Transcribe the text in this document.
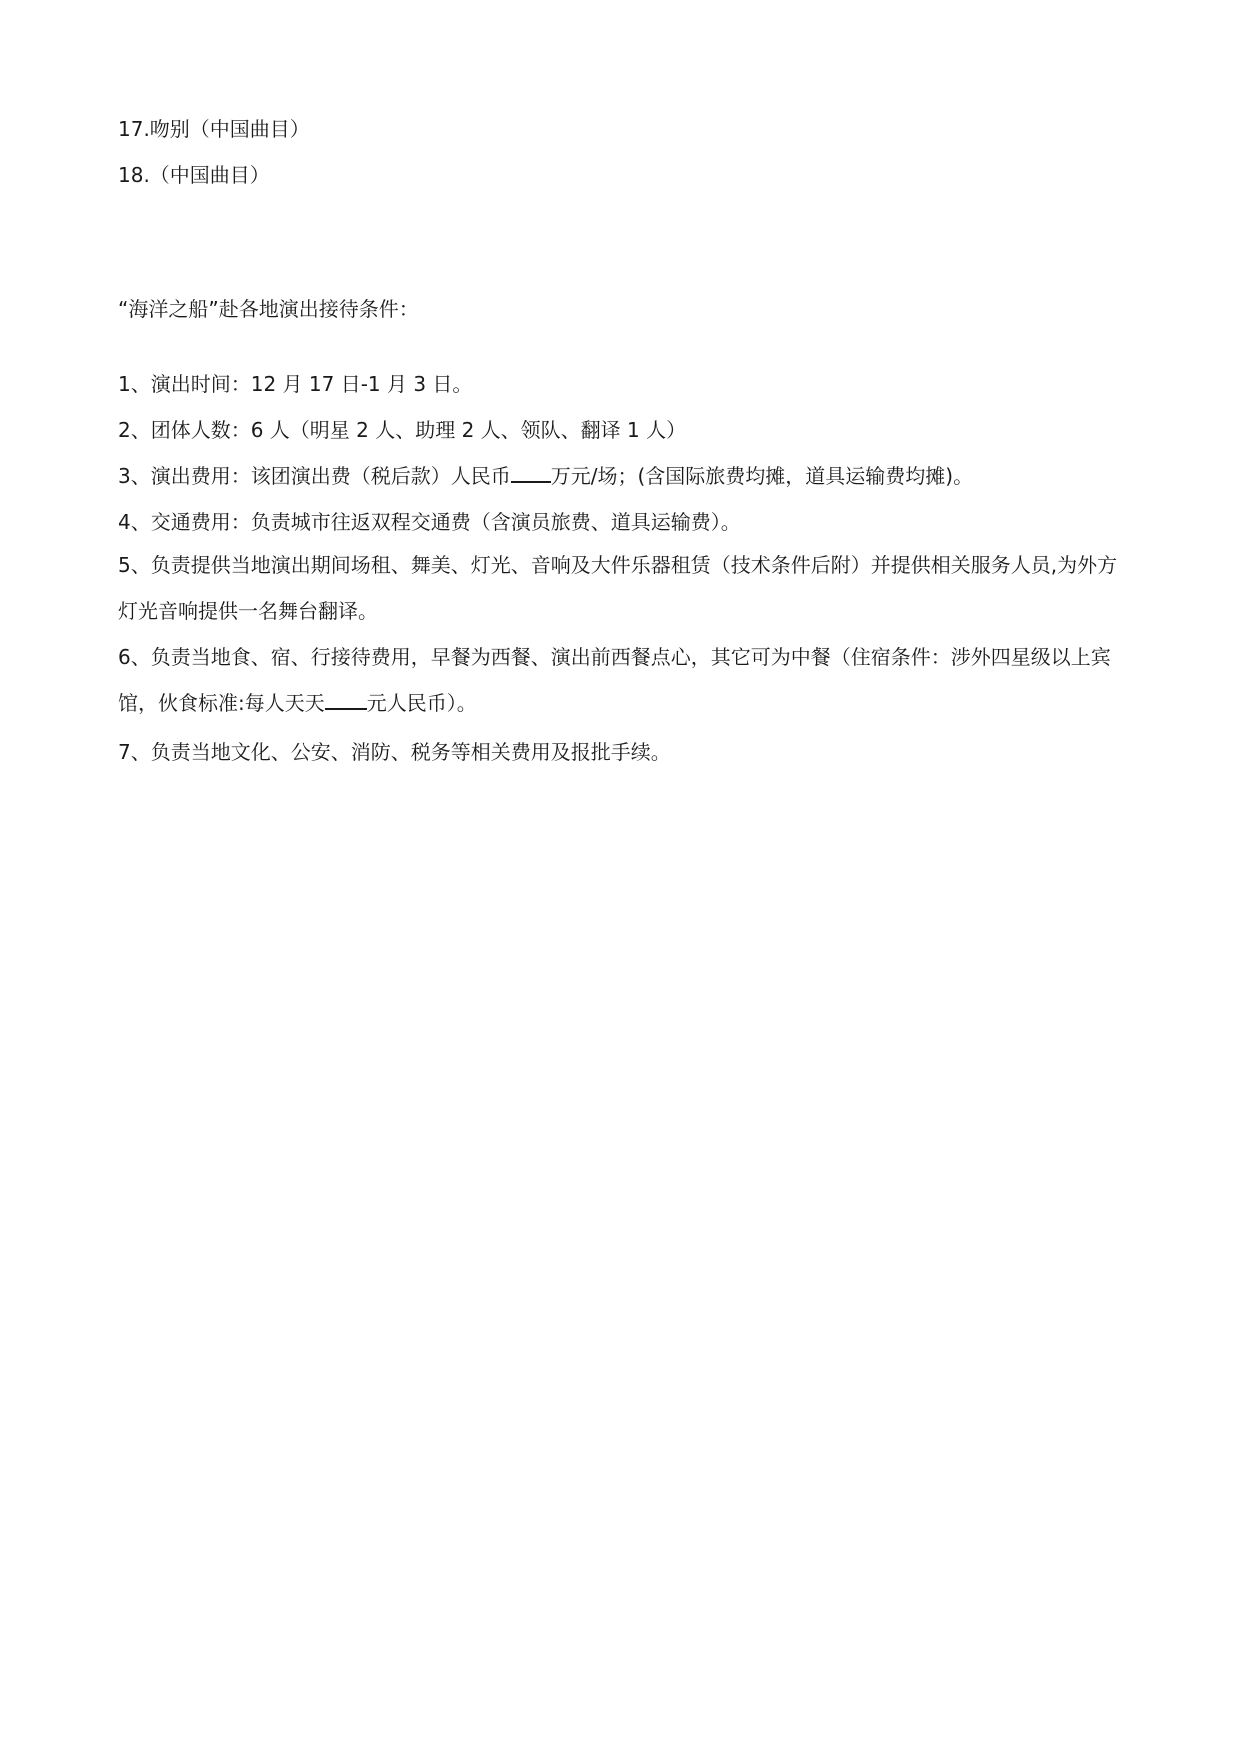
17.吻别（中国曲目）
18.（中国曲目）
“海洋之船”赴各地演出接待条件：
1、演出时间：12 月 17 日-1 月 3 日。
2、团体人数：6 人（明星 2 人、助理 2 人、领队、翻译 1 人）
3、演出费用：该团演出费（税后款）人民币 万元/场；(含国际旅费均摊，道具运输费均摊)。
4、交通费用：负责城市往返双程交通费（含演员旅费、道具运输费）。
5、负责提供当地演出期间场租、舞美、灯光、音响及大件乐器租赁（技术条件后附）并提供相关服务人员,为外方灯光音响提供一名舞台翻译。
6、负责当地食、宿、行接待费用，早餐为西餐、演出前西餐点心，其它可为中餐（住宿条件：涉外四星级以上宾馆，伙食标准:每人天天 元人民币）。
7、负责当地文化、公安、消防、税务等相关费用及报批手续。
